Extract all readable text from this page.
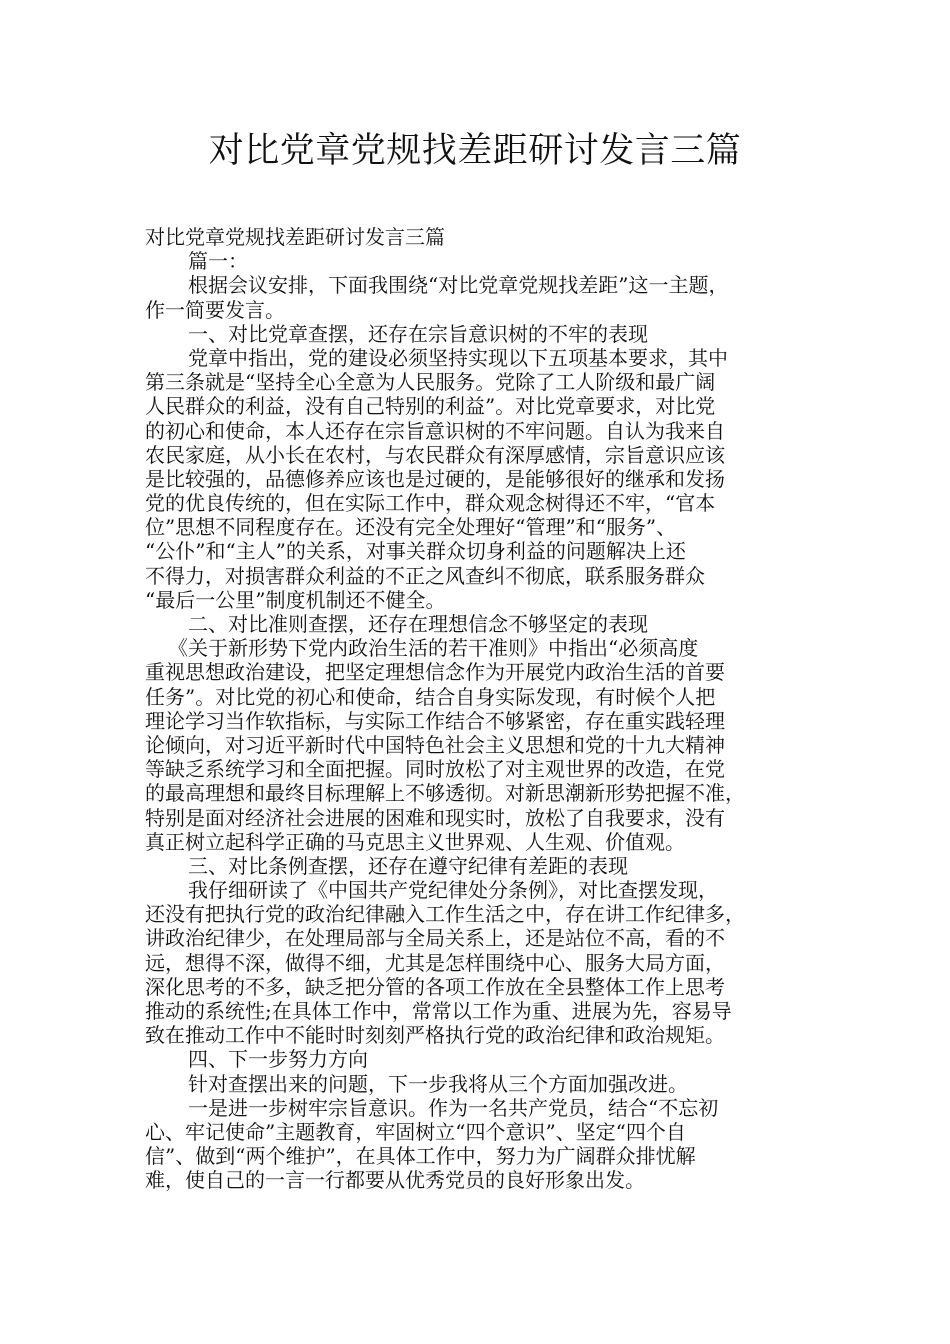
对比党章党规找差距研讨发言三篇

对比党章党规找差距研讨发言三篇

篇一：

根据会议安排，下面我围绕“对比党章党规找差距”这一主题，

作一简要发言。

一、对比党章查摆，还存在宗旨意识树的不牢的表现

党章中指出，党的建设必须坚持实现以下五项基本要求，其中

第三条就是“坚持全心全意为人民服务。党除了工人阶级和最广阔

人民群众的利益，没有自己特别的利益”。对比党章要求，对比党

的初心和使命，本人还存在宗旨意识树的不牢问题。自认为我来自

农民家庭，从小长在农村，与农民群众有深厚感情，宗旨意识应该

是比较强的，品德修养应该也是过硬的，是能够很好的继承和发扬

党的优良传统的，但在实际工作中，群众观念树得还不牢，“官本

位”思想不同程度存在。还没有完全处理好“管理”和“服务”、

“公仆”和“主人”的关系，对事关群众切身利益的问题解决上还

不得力，对损害群众利益的不正之风查纠不彻底，联系服务群众

“最后一公里”制度机制还不健全。

二、对比准则查摆，还存在理想信念不够坚定的表现

《关于新形势下党内政治生活的若干准则》中指出“必须高度

重视思想政治建设，把坚定理想信念作为开展党内政治生活的首要

任务”。对比党的初心和使命，结合自身实际发现，有时候个人把

理论学习当作软指标，与实际工作结合不够紧密，存在重实践轻理

论倾向，对习近平新时代中国特色社会主义思想和党的十九大精神

等缺乏系统学习和全面把握。同时放松了对主观世界的改造，在党

的最高理想和最终目标理解上不够透彻。对新思潮新形势把握不准，

特别是面对经济社会进展的困难和现实时，放松了自我要求，没有

真正树立起科学正确的马克思主义世界观、人生观、价值观。

三、对比条例查摆，还存在遵守纪律有差距的表现

我仔细研读了《中国共产党纪律处分条例》，对比查摆发现，

还没有把执行党的政治纪律融入工作生活之中，存在讲工作纪律多，

讲政治纪律少，在处理局部与全局关系上，还是站位不高，看的不

远，想得不深，做得不细，尤其是怎样围绕中心、服务大局方面，

深化思考的不多，缺乏把分管的各项工作放在全县整体工作上思考

推动的系统性;在具体工作中，常常以工作为重、进展为先，容易导

致在推动工作中不能时时刻刻严格执行党的政治纪律和政治规矩。

四、下一步努力方向

针对查摆出来的问题，下一步我将从三个方面加强改进。

一是进一步树牢宗旨意识。作为一名共产党员，结合“不忘初

心、牢记使命”主题教育，牢固树立“四个意识”、坚定“四个自

信”、做到“两个维护”，在具体工作中，努力为广阔群众排忧解

难，使自己的一言一行都要从优秀党员的良好形象出发。
